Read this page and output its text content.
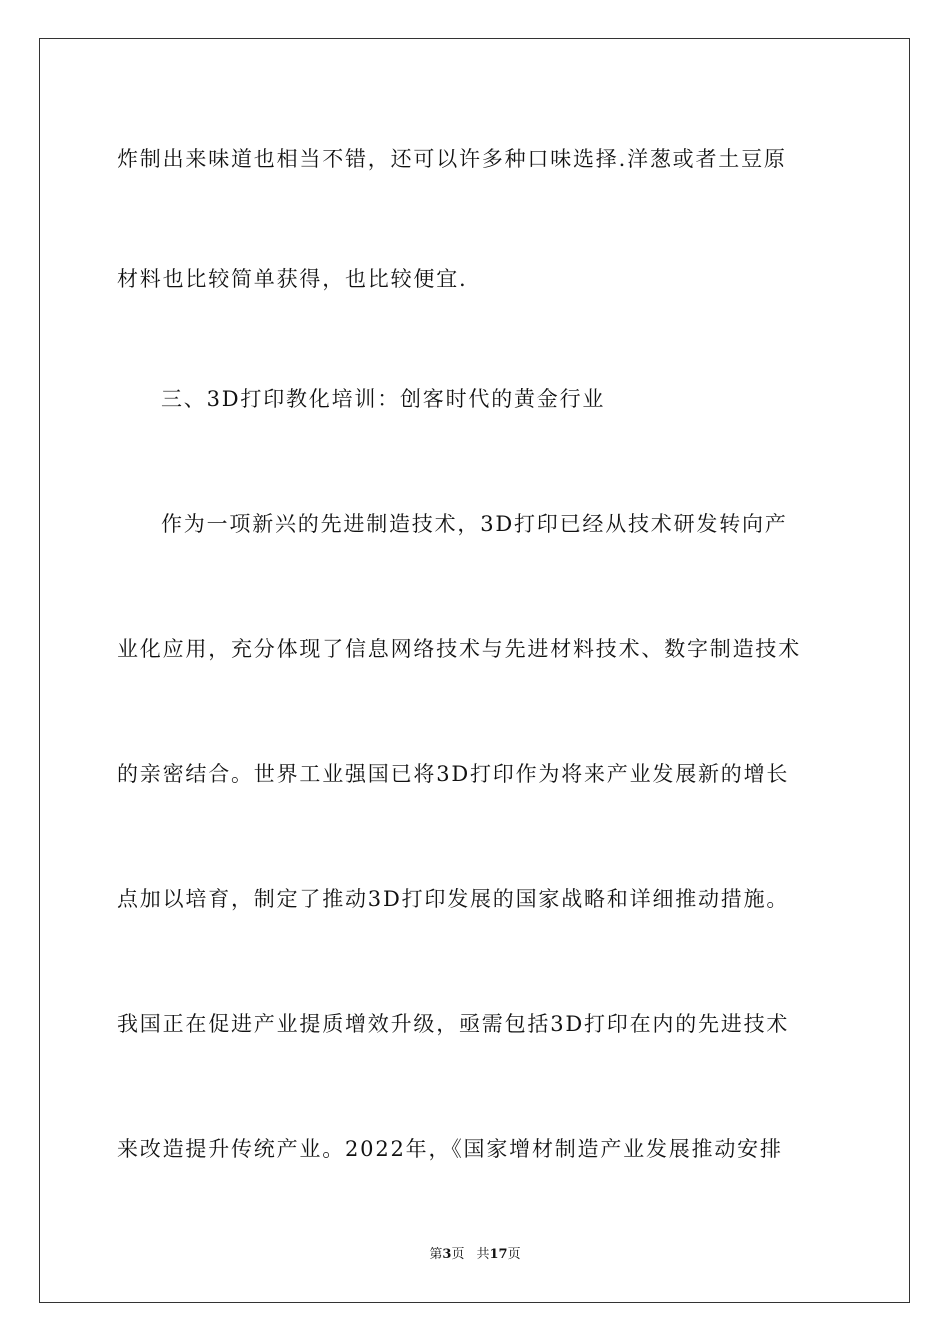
炸制出来味道也相当不错，还可以许多种口味选择.洋葱或者土豆原
材料也比较简单获得，也比较便宜.
三、3D打印教化培训：创客时代的黄金行业
作为一项新兴的先进制造技术，3D打印已经从技术研发转向产
业化应用，充分体现了信息网络技术与先进材料技术、数字制造技术
的亲密结合。世界工业强国已将3D打印作为将来产业发展新的增长
点加以培育，制定了推动3D打印发展的国家战略和详细推动措施。
我国正在促进产业提质增效升级，亟需包括3D打印在内的先进技术
来改造提升传统产业。2022年，《国家增材制造产业发展推动安排
第3页 共17页
